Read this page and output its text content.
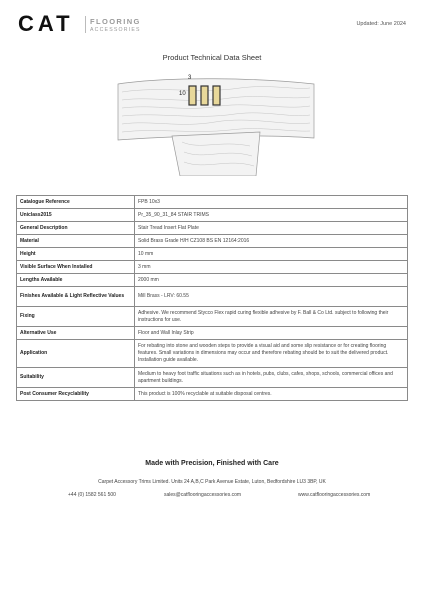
CAT FLOORING
ACCESSORIES
Updated: June 2024
Product Technical Data Sheet
3
10
Catalogue Reference	FPB 10x3
Uniclass2015	Pr_35_90_31_84 STAIR TRIMS
General Description	Stair Tread Insert Flat Plate
Material	Solid Brass Grade H/H CZ108 BS EN 12164:2016
Height	10 mm
Visible Surface When Installed	3 mm
Lengths Available	2000 mm
Finishes Available & Light Reflective Values	Mill Brass - LRV: 60.55
Fixing	Adhesive. We recommend Stycco Flex rapid curing flexible adhesive by F. Ball & Co Ltd. subject to following their instructions for use.
Alternative Use	Floor and Wall Inlay Strip
Application	For rebating into stone and wooden steps to provide a visual aid and some slip resistance or for creating flooring features. Small variations in dimensions may occur and therefore rebating should be to suit the delivered product. Installation guide available.
Suitability	Medium to heavy foot traffic situations such as in hotels, pubs, clubs, cafes, shops, schools, commercial offices and apartment buildings.
Post Consumer Recyclability	This product is 100% recyclable at suitable disposal centres.
Made with Precision, Finished with Care
Carpet Accessory Trims Limited. Units 24 A,B,C Park Avenue Estate, Luton, Bedfordshire LU3 3BP, UK
+44 (0) 1582 561 500	sales@catflooringaccessories.com	www.catflooringaccessories.com
